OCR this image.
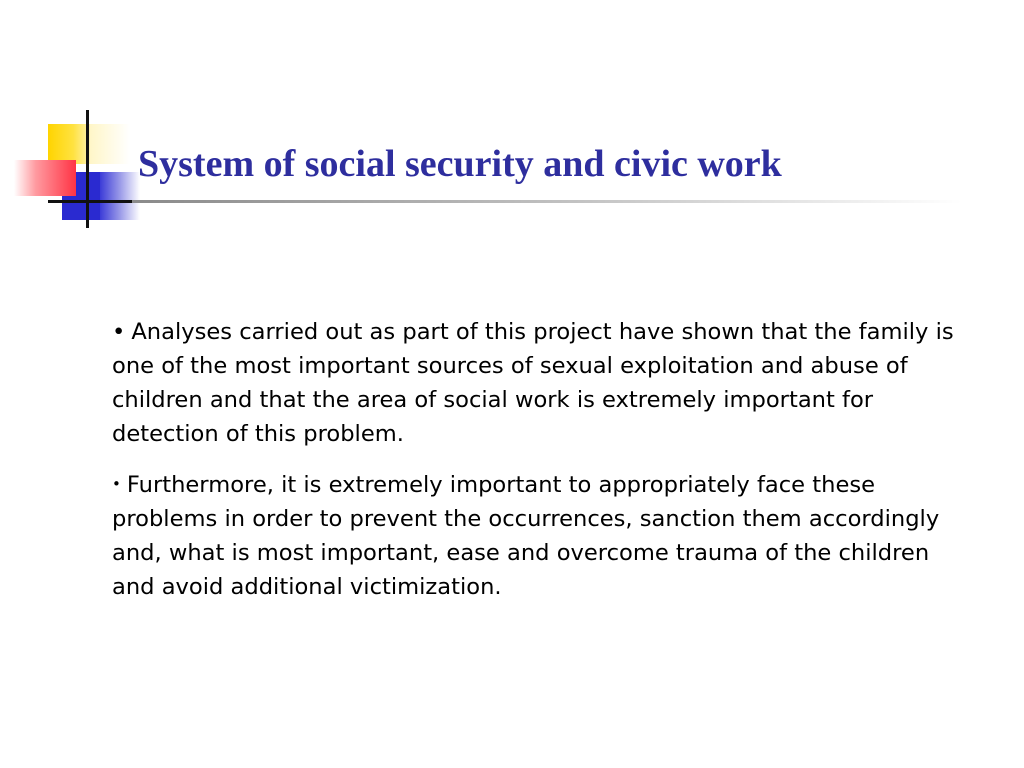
System of social security and civic work

• Analyses carried out as part of this project have shown that the family is one of the most important sources of sexual exploitation and abuse of children and that the area of social work is extremely important for detection of this problem.

• Furthermore, it is extremely important to appropriately face these problems in order to prevent the occurrences, sanction them accordingly and, what is most important, ease and overcome trauma of the children and avoid additional victimization.
